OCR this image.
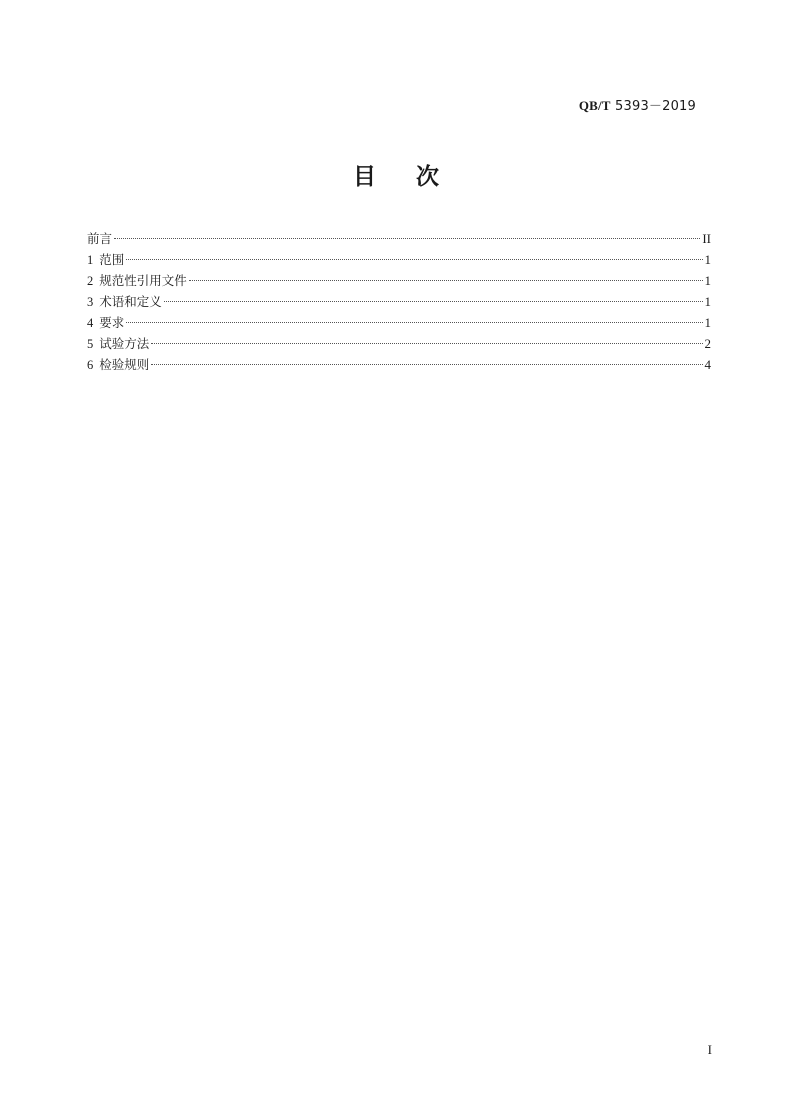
QB/T 5393－2019
目次
前言	II
1 范围	1
2 规范性引用文件	1
3 术语和定义	1
4 要求	1
5 试验方法	2
6 检验规则	4
I
